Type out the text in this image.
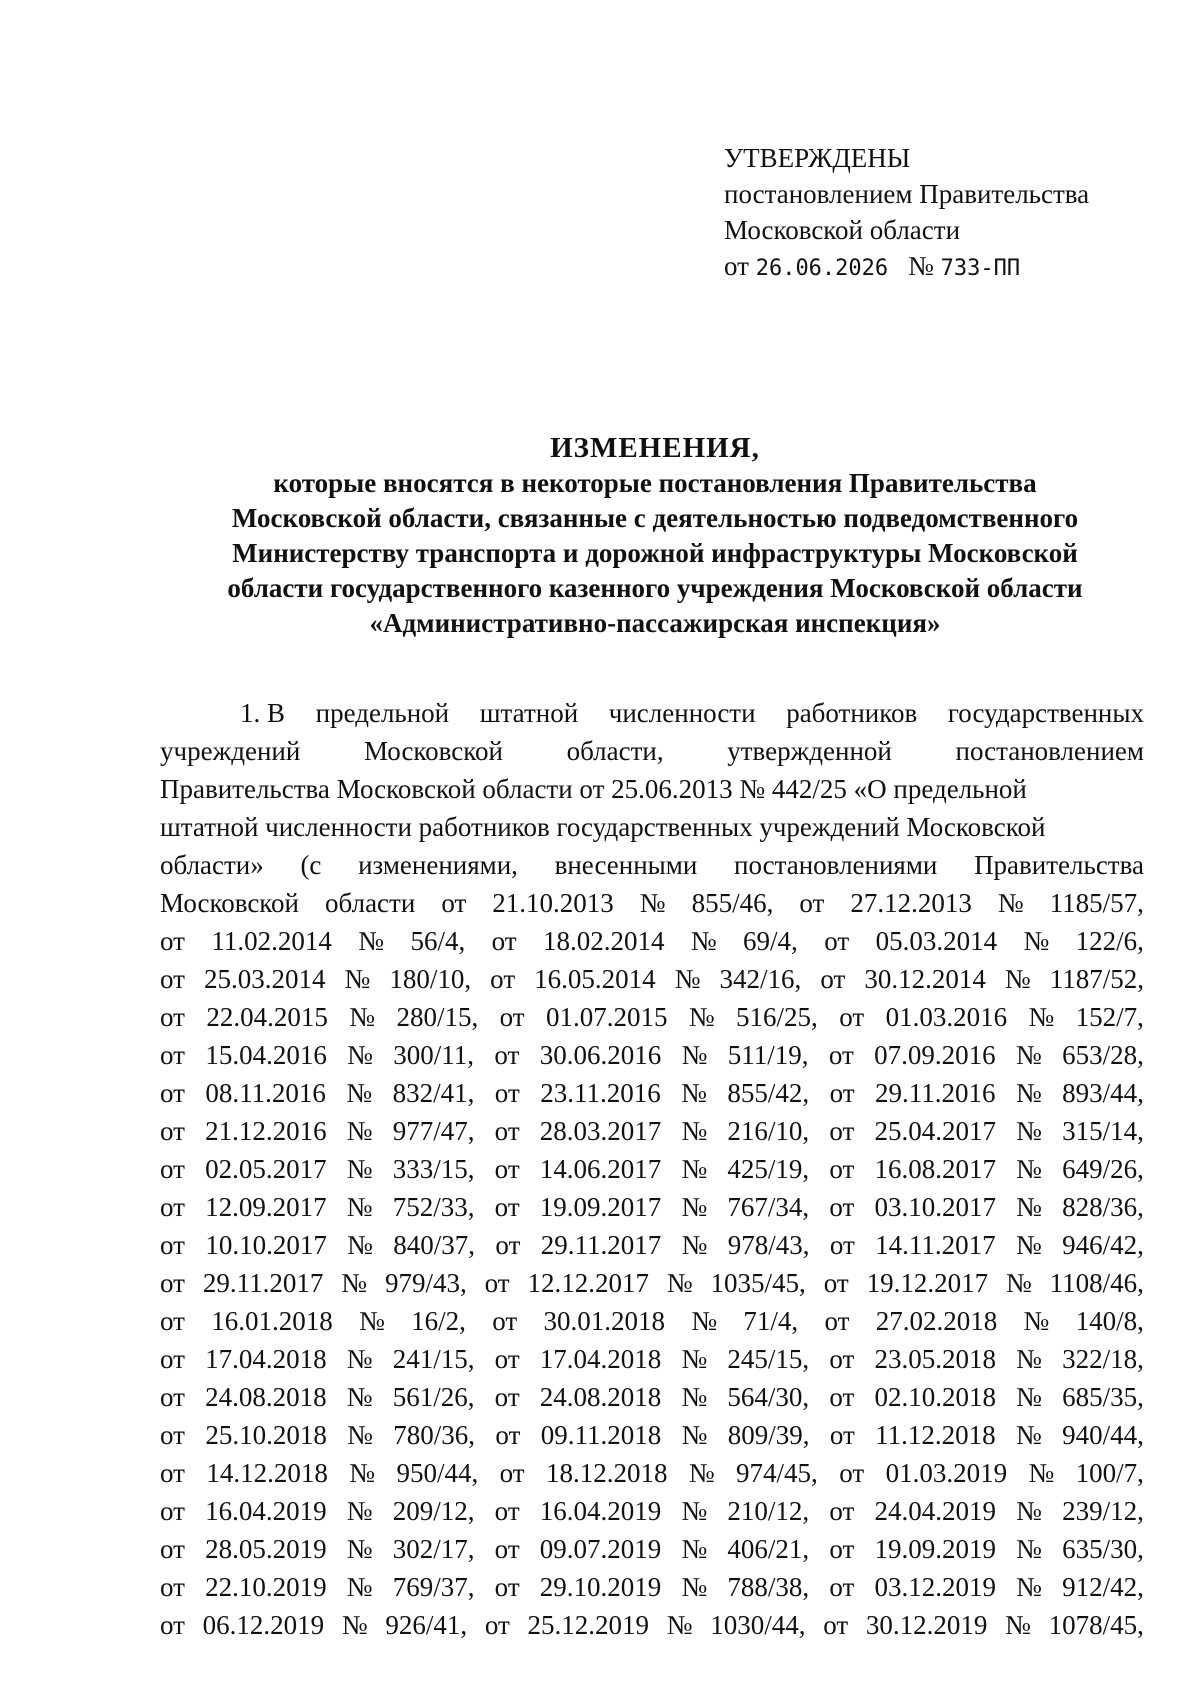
УТВЕРЖДЕНЫ
постановлением Правительства
Московской области
от 26.06.2026 № 733-ПП
ИЗМЕНЕНИЯ,
которые вносятся в некоторые постановления Правительства
Московской области, связанные с деятельностью подведомственного
Министерству транспорта и дорожной инфраструктуры Московской
области государственного казенного учреждения Московской области
«Административно-пассажирская инспекция»
1. В предельной штатной численности работников государственных
учреждений Московской области, утвержденной постановлением
Правительства Московской области от 25.06.2013 № 442/25 «О предельной
штатной численности работников государственных учреждений Московской
области» (с изменениями, внесенными постановлениями Правительства
Московской области от 21.10.2013 № 855/46, от 27.12.2013 № 1185/57,
от 11.02.2014 № 56/4, от 18.02.2014 № 69/4, от 05.03.2014 № 122/6,
от 25.03.2014 № 180/10, от 16.05.2014 № 342/16, от 30.12.2014 № 1187/52,
от 22.04.2015 № 280/15, от 01.07.2015 № 516/25, от 01.03.2016 № 152/7,
от 15.04.2016 № 300/11, от 30.06.2016 № 511/19, от 07.09.2016 № 653/28,
от 08.11.2016 № 832/41, от 23.11.2016 № 855/42, от 29.11.2016 № 893/44,
от 21.12.2016 № 977/47, от 28.03.2017 № 216/10, от 25.04.2017 № 315/14,
от 02.05.2017 № 333/15, от 14.06.2017 № 425/19, от 16.08.2017 № 649/26,
от 12.09.2017 № 752/33, от 19.09.2017 № 767/34, от 03.10.2017 № 828/36,
от 10.10.2017 № 840/37, от 29.11.2017 № 978/43, от 14.11.2017 № 946/42,
от 29.11.2017 № 979/43, от 12.12.2017 № 1035/45, от 19.12.2017 № 1108/46,
от 16.01.2018 № 16/2, от 30.01.2018 № 71/4, от 27.02.2018 № 140/8,
от 17.04.2018 № 241/15, от 17.04.2018 № 245/15, от 23.05.2018 № 322/18,
от 24.08.2018 № 561/26, от 24.08.2018 № 564/30, от 02.10.2018 № 685/35,
от 25.10.2018 № 780/36, от 09.11.2018 № 809/39, от 11.12.2018 № 940/44,
от 14.12.2018 № 950/44, от 18.12.2018 № 974/45, от 01.03.2019 № 100/7,
от 16.04.2019 № 209/12, от 16.04.2019 № 210/12, от 24.04.2019 № 239/12,
от 28.05.2019 № 302/17, от 09.07.2019 № 406/21, от 19.09.2019 № 635/30,
от 22.10.2019 № 769/37, от 29.10.2019 № 788/38, от 03.12.2019 № 912/42,
от 06.12.2019 № 926/41, от 25.12.2019 № 1030/44, от 30.12.2019 № 1078/45,
